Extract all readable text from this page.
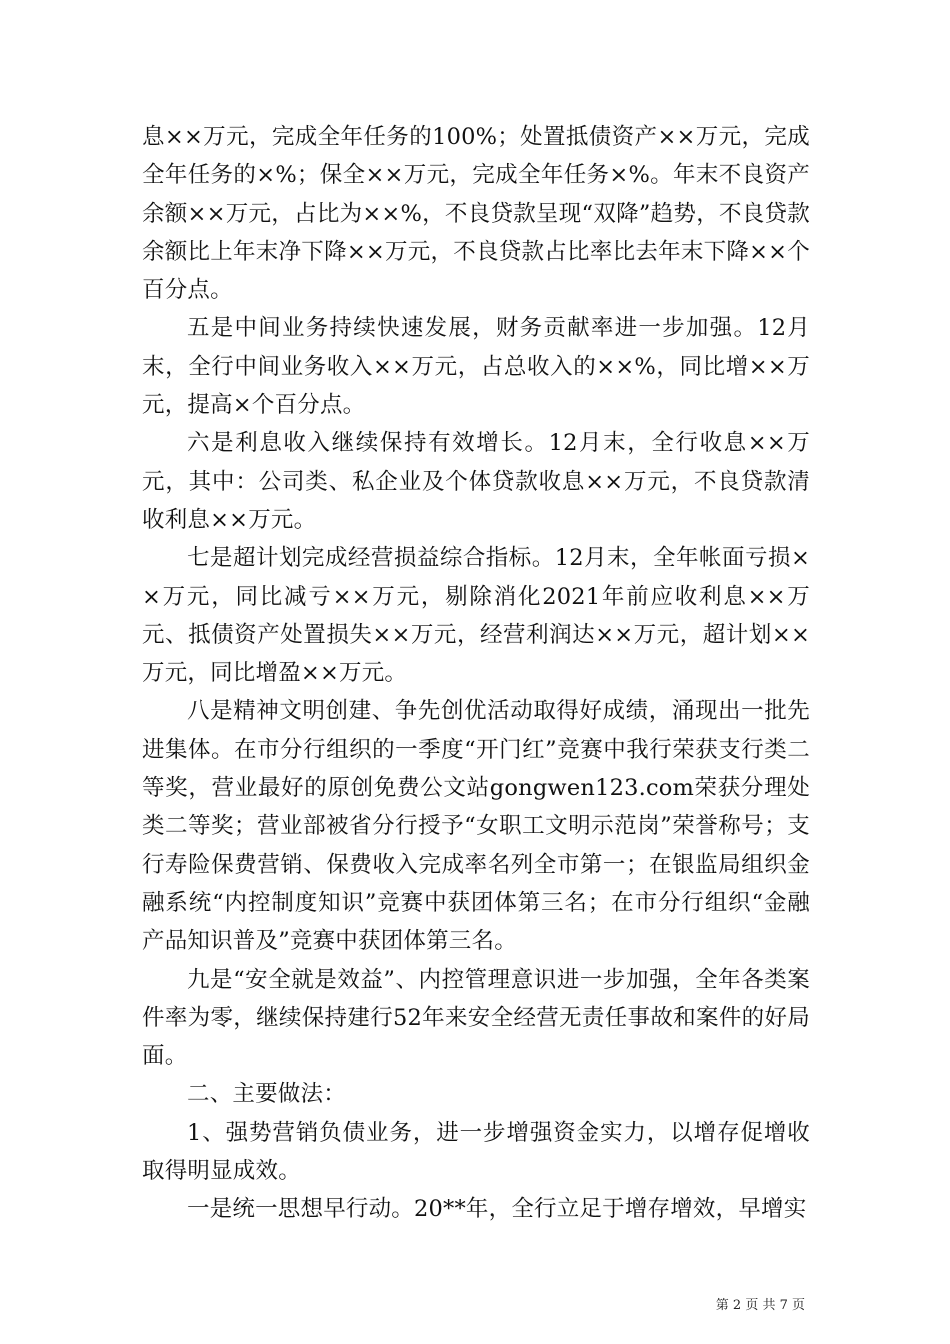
息××万元，完成全年任务的100%；处置抵债资产××万元，完成全年任务的×%；保全××万元，完成全年任务×%。年末不良资产余额××万元，占比为××%，不良贷款呈现“双降”趋势，不良贷款余额比上年末净下降××万元，不良贷款占比率比去年末下降××个百分点。

五是中间业务持续快速发展，财务贡献率进一步加强。12月末，全行中间业务收入××万元，占总收入的××%，同比增××万元，提高×个百分点。

六是利息收入继续保持有效增长。12月末，全行收息××万元，其中：公司类、私企业及个体贷款收息××万元，不良贷款清收利息××万元。

七是超计划完成经营损益综合指标。12月末，全年帐面亏损××万元，同比减亏××万元，剔除消化2021年前应收利息××万元、抵债资产处置损失××万元，经营利润达××万元，超计划××万元，同比增盈××万元。

八是精神文明创建、争先创优活动取得好成绩，涌现出一批先进集体。在市分行组织的一季度“开门红”竞赛中我行荣获支行类二等奖，营业最好的原创免费公文站gongwen123.com荣获分理处类二等奖；营业部被省分行授予“女职工文明示范岗”荣誉称号；支行寿险保费营销、保费收入完成率名列全市第一；在银监局组织金融系统“内控制度知识”竞赛中获团体第三名；在市分行组织“金融产品知识普及”竞赛中获团体第三名。

九是“安全就是效益”、内控管理意识进一步加强，全年各类案件率为零，继续保持建行52年来安全经营无责任事故和案件的好局面。

二、主要做法：

1、强势营销负债业务，进一步增强资金实力，以增存促增收取得明显成效。

一是统一思想早行动。20**年，全行立足于增存增效，早增实

第 2 页 共 7 页
